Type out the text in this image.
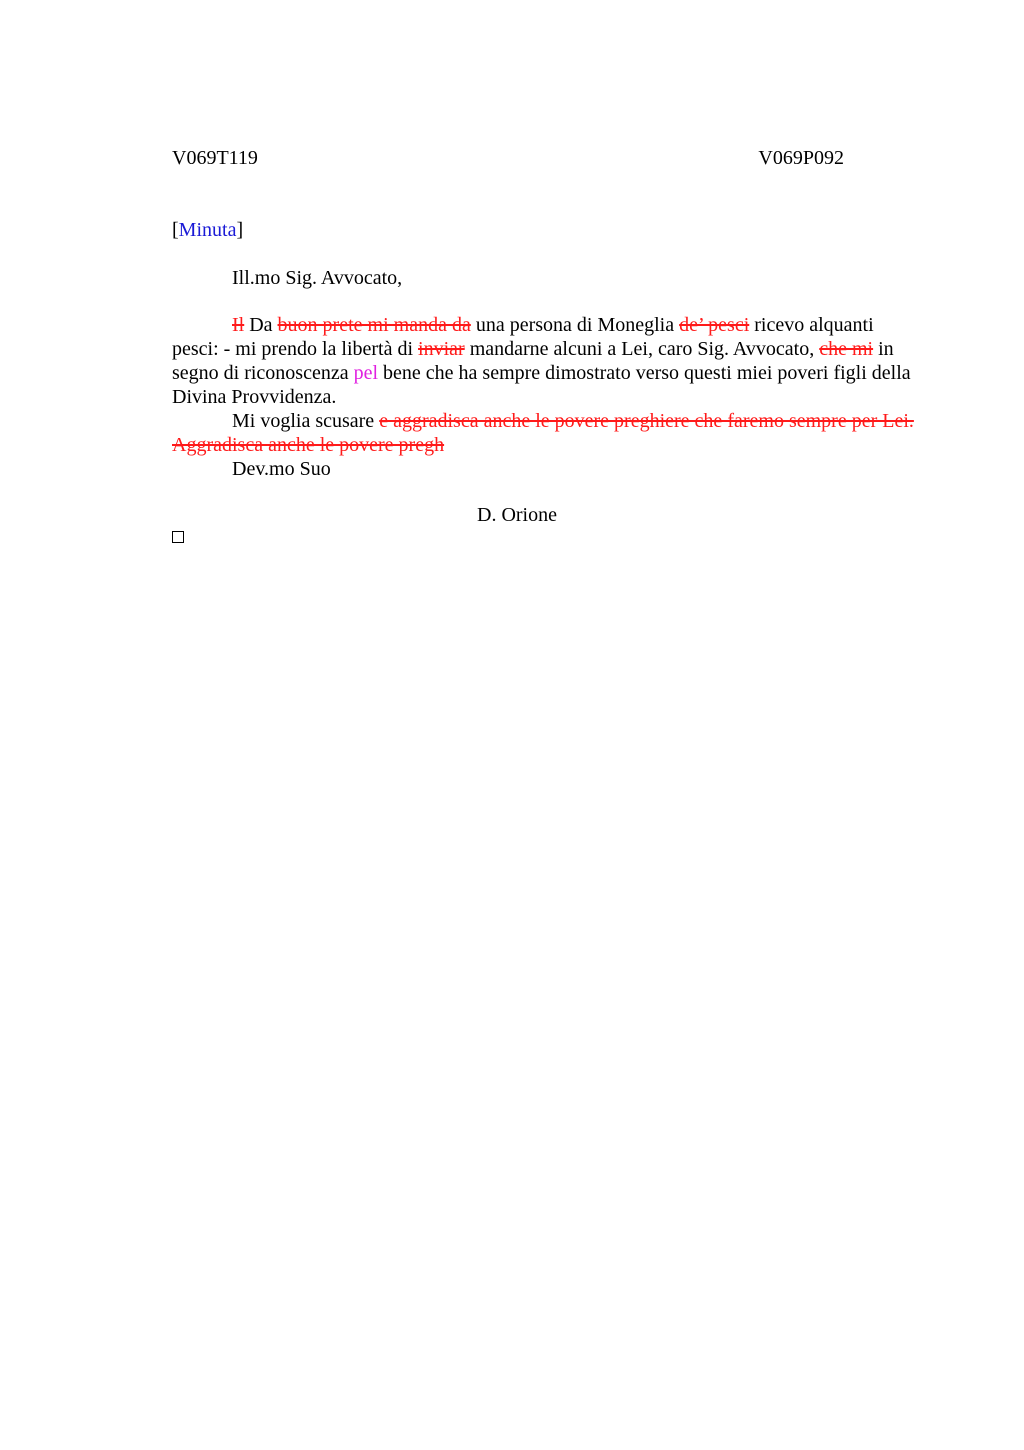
V069T119	V069P092
[Minuta]
Ill.mo Sig. Avvocato,

Il Da buon prete mi manda da una persona di Moneglia de’ pesci ricevo alquanti pesci: - mi prendo la libertà di inviar mandarne alcuni a Lei, caro Sig. Avvocato, che mi in segno di riconoscenza pel bene che ha sempre dimostrato verso questi miei poveri figli della Divina Provvidenza.

Mi voglia scusare e aggradisca anche le povere preghiere che faremo sempre per Lei. Aggradisca anche le povere pregh

Dev.mo Suo

D. Orione
